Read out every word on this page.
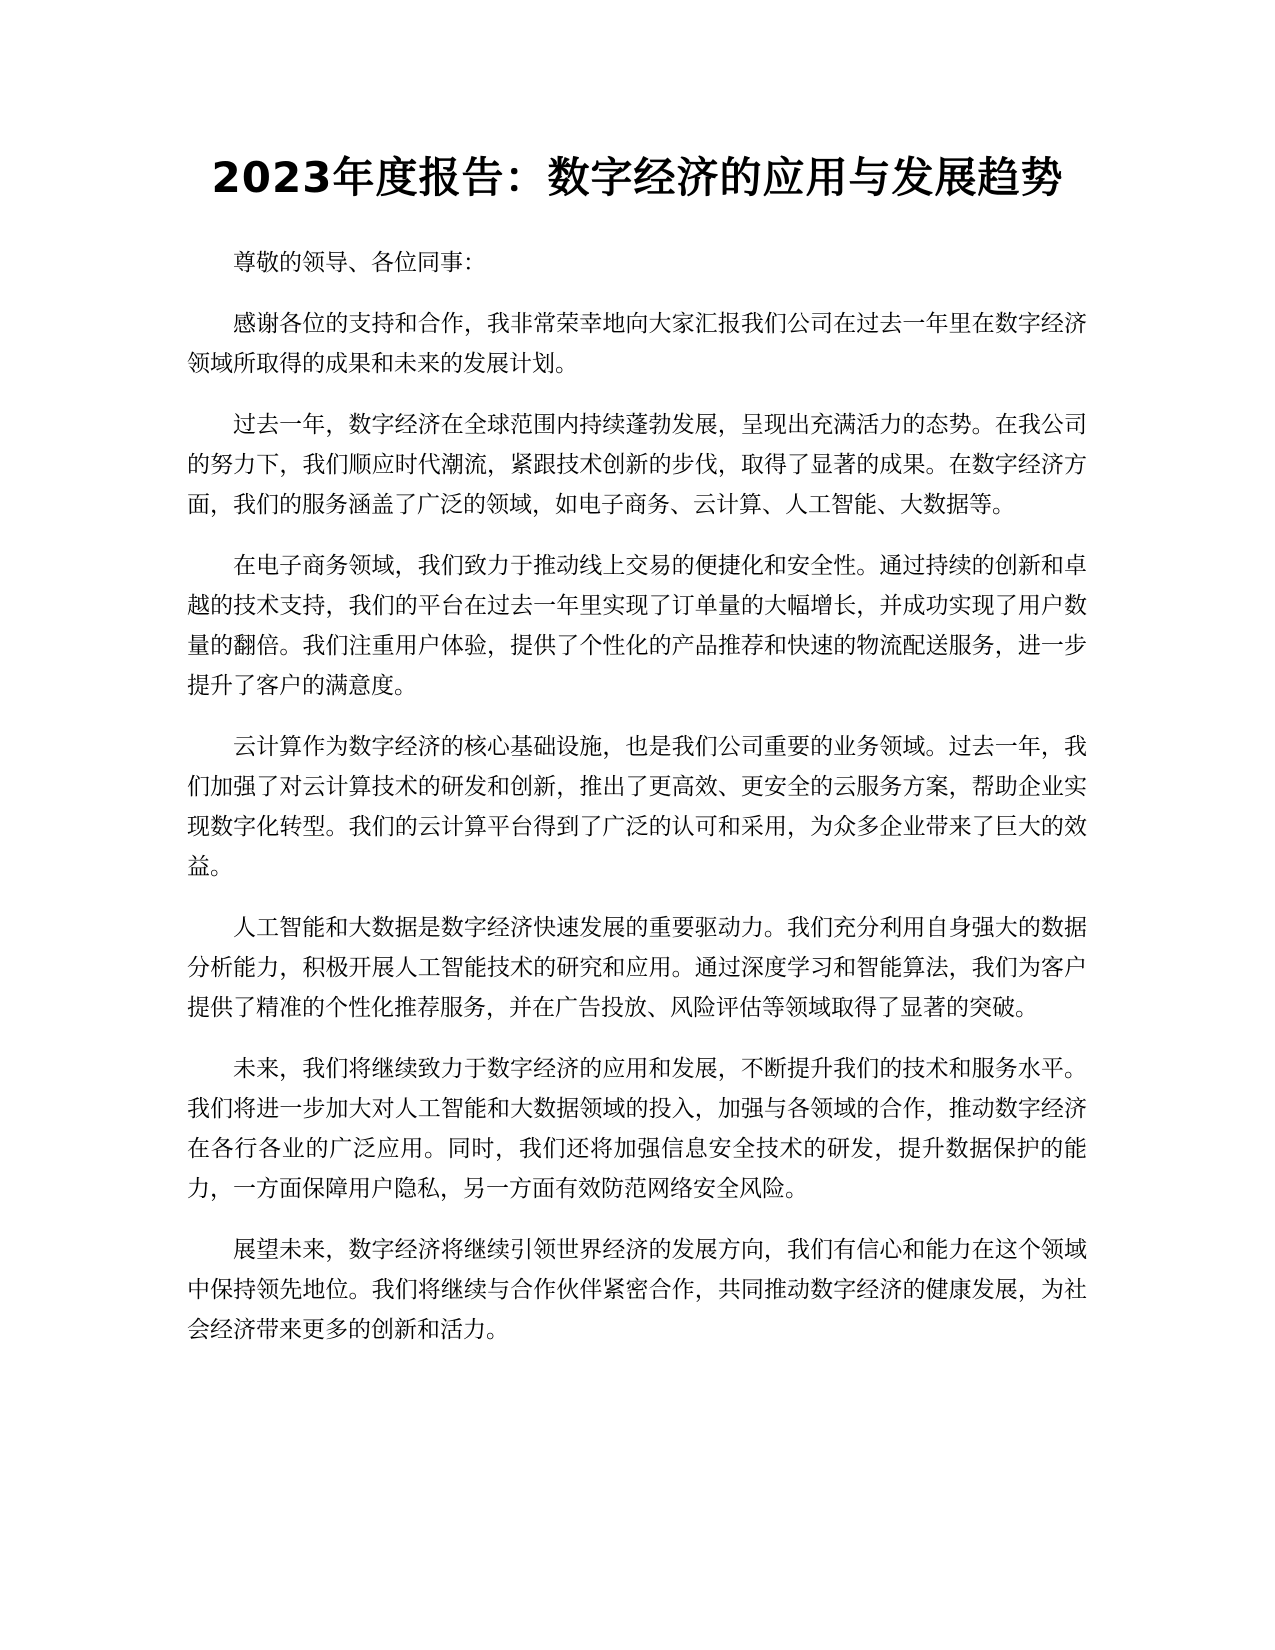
2023年度报告：数字经济的应用与发展趋势

尊敬的领导、各位同事：

感谢各位的支持和合作，我非常荣幸地向大家汇报我们公司在过去一年里在数字经济领域所取得的成果和未来的发展计划。

过去一年，数字经济在全球范围内持续蓬勃发展，呈现出充满活力的态势。在我公司的努力下，我们顺应时代潮流，紧跟技术创新的步伐，取得了显著的成果。在数字经济方面，我们的服务涵盖了广泛的领域，如电子商务、云计算、人工智能、大数据等。

在电子商务领域，我们致力于推动线上交易的便捷化和安全性。通过持续的创新和卓越的技术支持，我们的平台在过去一年里实现了订单量的大幅增长，并成功实现了用户数量的翻倍。我们注重用户体验，提供了个性化的产品推荐和快速的物流配送服务，进一步提升了客户的满意度。

云计算作为数字经济的核心基础设施，也是我们公司重要的业务领域。过去一年，我们加强了对云计算技术的研发和创新，推出了更高效、更安全的云服务方案，帮助企业实现数字化转型。我们的云计算平台得到了广泛的认可和采用，为众多企业带来了巨大的效益。

人工智能和大数据是数字经济快速发展的重要驱动力。我们充分利用自身强大的数据分析能力，积极开展人工智能技术的研究和应用。通过深度学习和智能算法，我们为客户提供了精准的个性化推荐服务，并在广告投放、风险评估等领域取得了显著的突破。

未来，我们将继续致力于数字经济的应用和发展，不断提升我们的技术和服务水平。我们将进一步加大对人工智能和大数据领域的投入，加强与各领域的合作，推动数字经济在各行各业的广泛应用。同时，我们还将加强信息安全技术的研发，提升数据保护的能力，一方面保障用户隐私，另一方面有效防范网络安全风险。

展望未来，数字经济将继续引领世界经济的发展方向，我们有信心和能力在这个领域中保持领先地位。我们将继续与合作伙伴紧密合作，共同推动数字经济的健康发展，为社会经济带来更多的创新和活力。
